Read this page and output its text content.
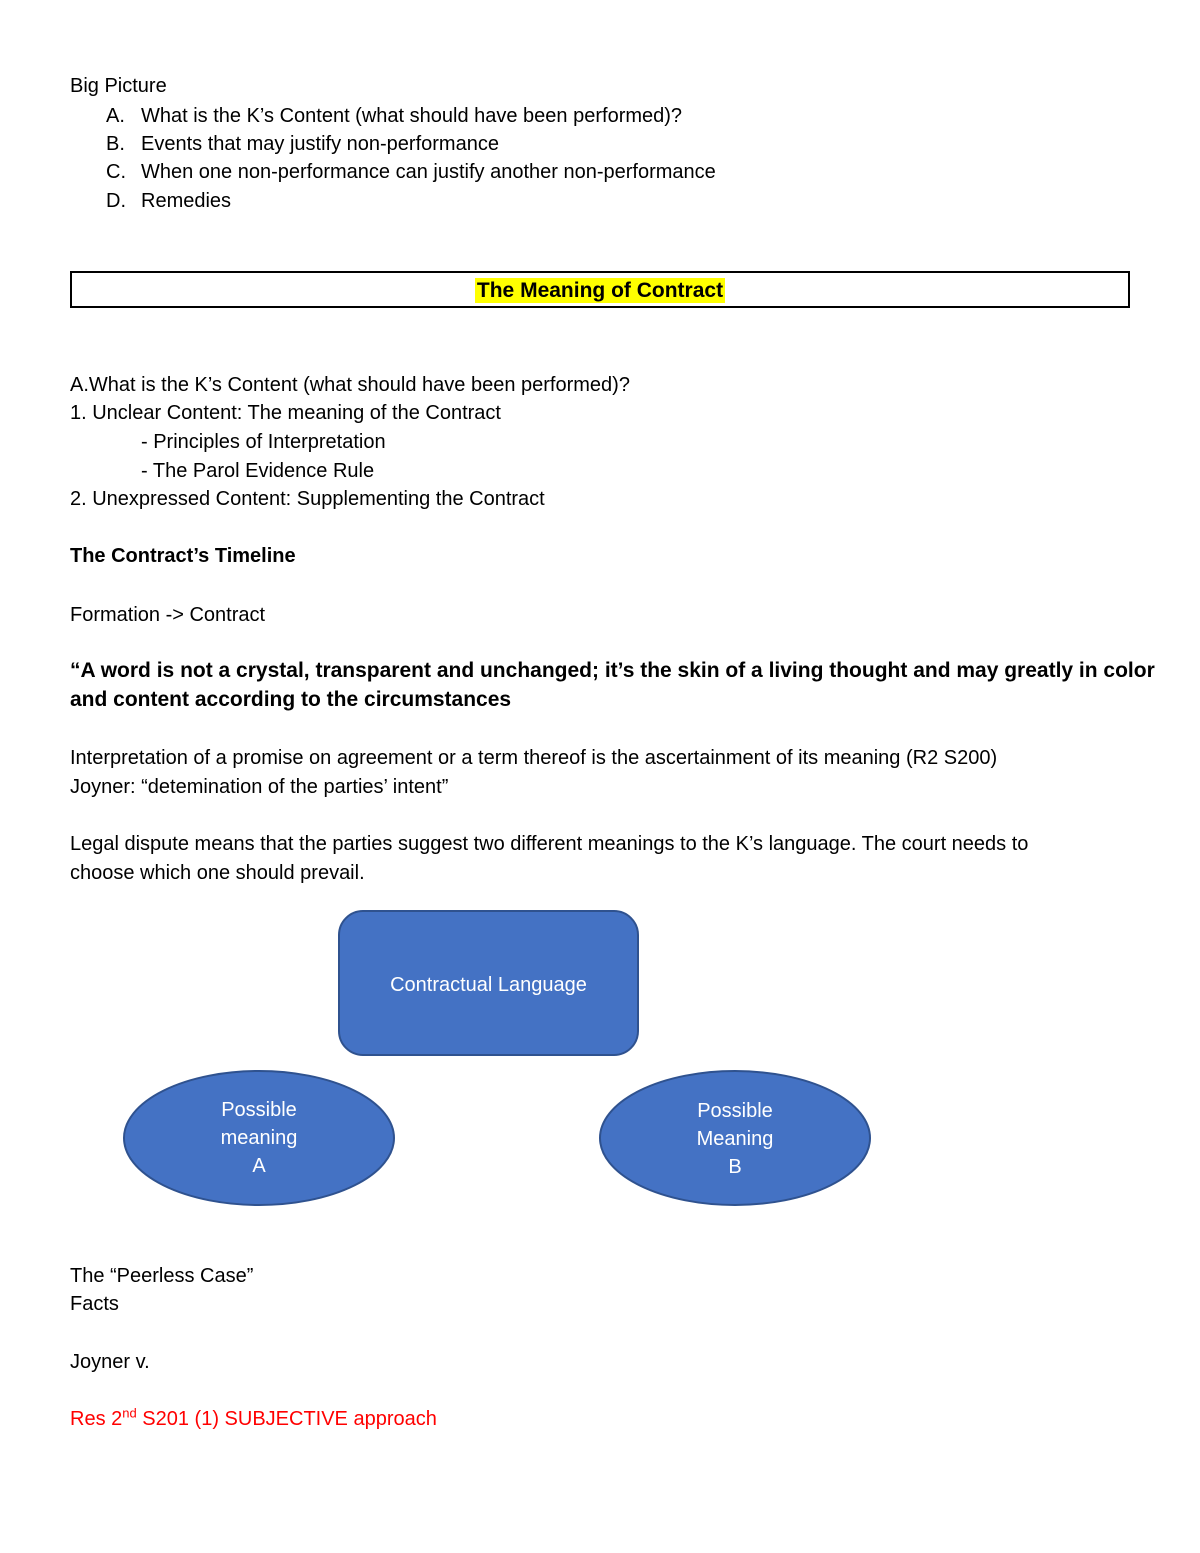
Big Picture
A. What is the K’s Content (what should have been performed)?
B. Events that may justify non-performance
C. When one non-performance can justify another non-performance
D. Remedies
The Meaning of Contract
A.What is the K’s Content (what should have been performed)?
1. Unclear Content: The meaning of the Contract
- Principles of Interpretation
- The Parol Evidence Rule
2. Unexpressed Content: Supplementing the Contract
The Contract’s Timeline
Formation -> Contract
“A word is not a crystal, transparent and unchanged; it’s the skin of a living thought and may greatly in color
and content according to the circumstances
Interpretation of a promise on agreement or a term thereof is the ascertainment of its meaning (R2 S200)
Joyner: “detemination of the parties’ intent”
Legal dispute means that the parties suggest two different meanings to the K’s language. The court needs to
choose which one should prevail.
Contractual Language
Possible
meaning
A
Possible
Meaning
B
The “Peerless Case”
Facts
Joyner v.
Res 2nd S201 (1) SUBJECTIVE approach
